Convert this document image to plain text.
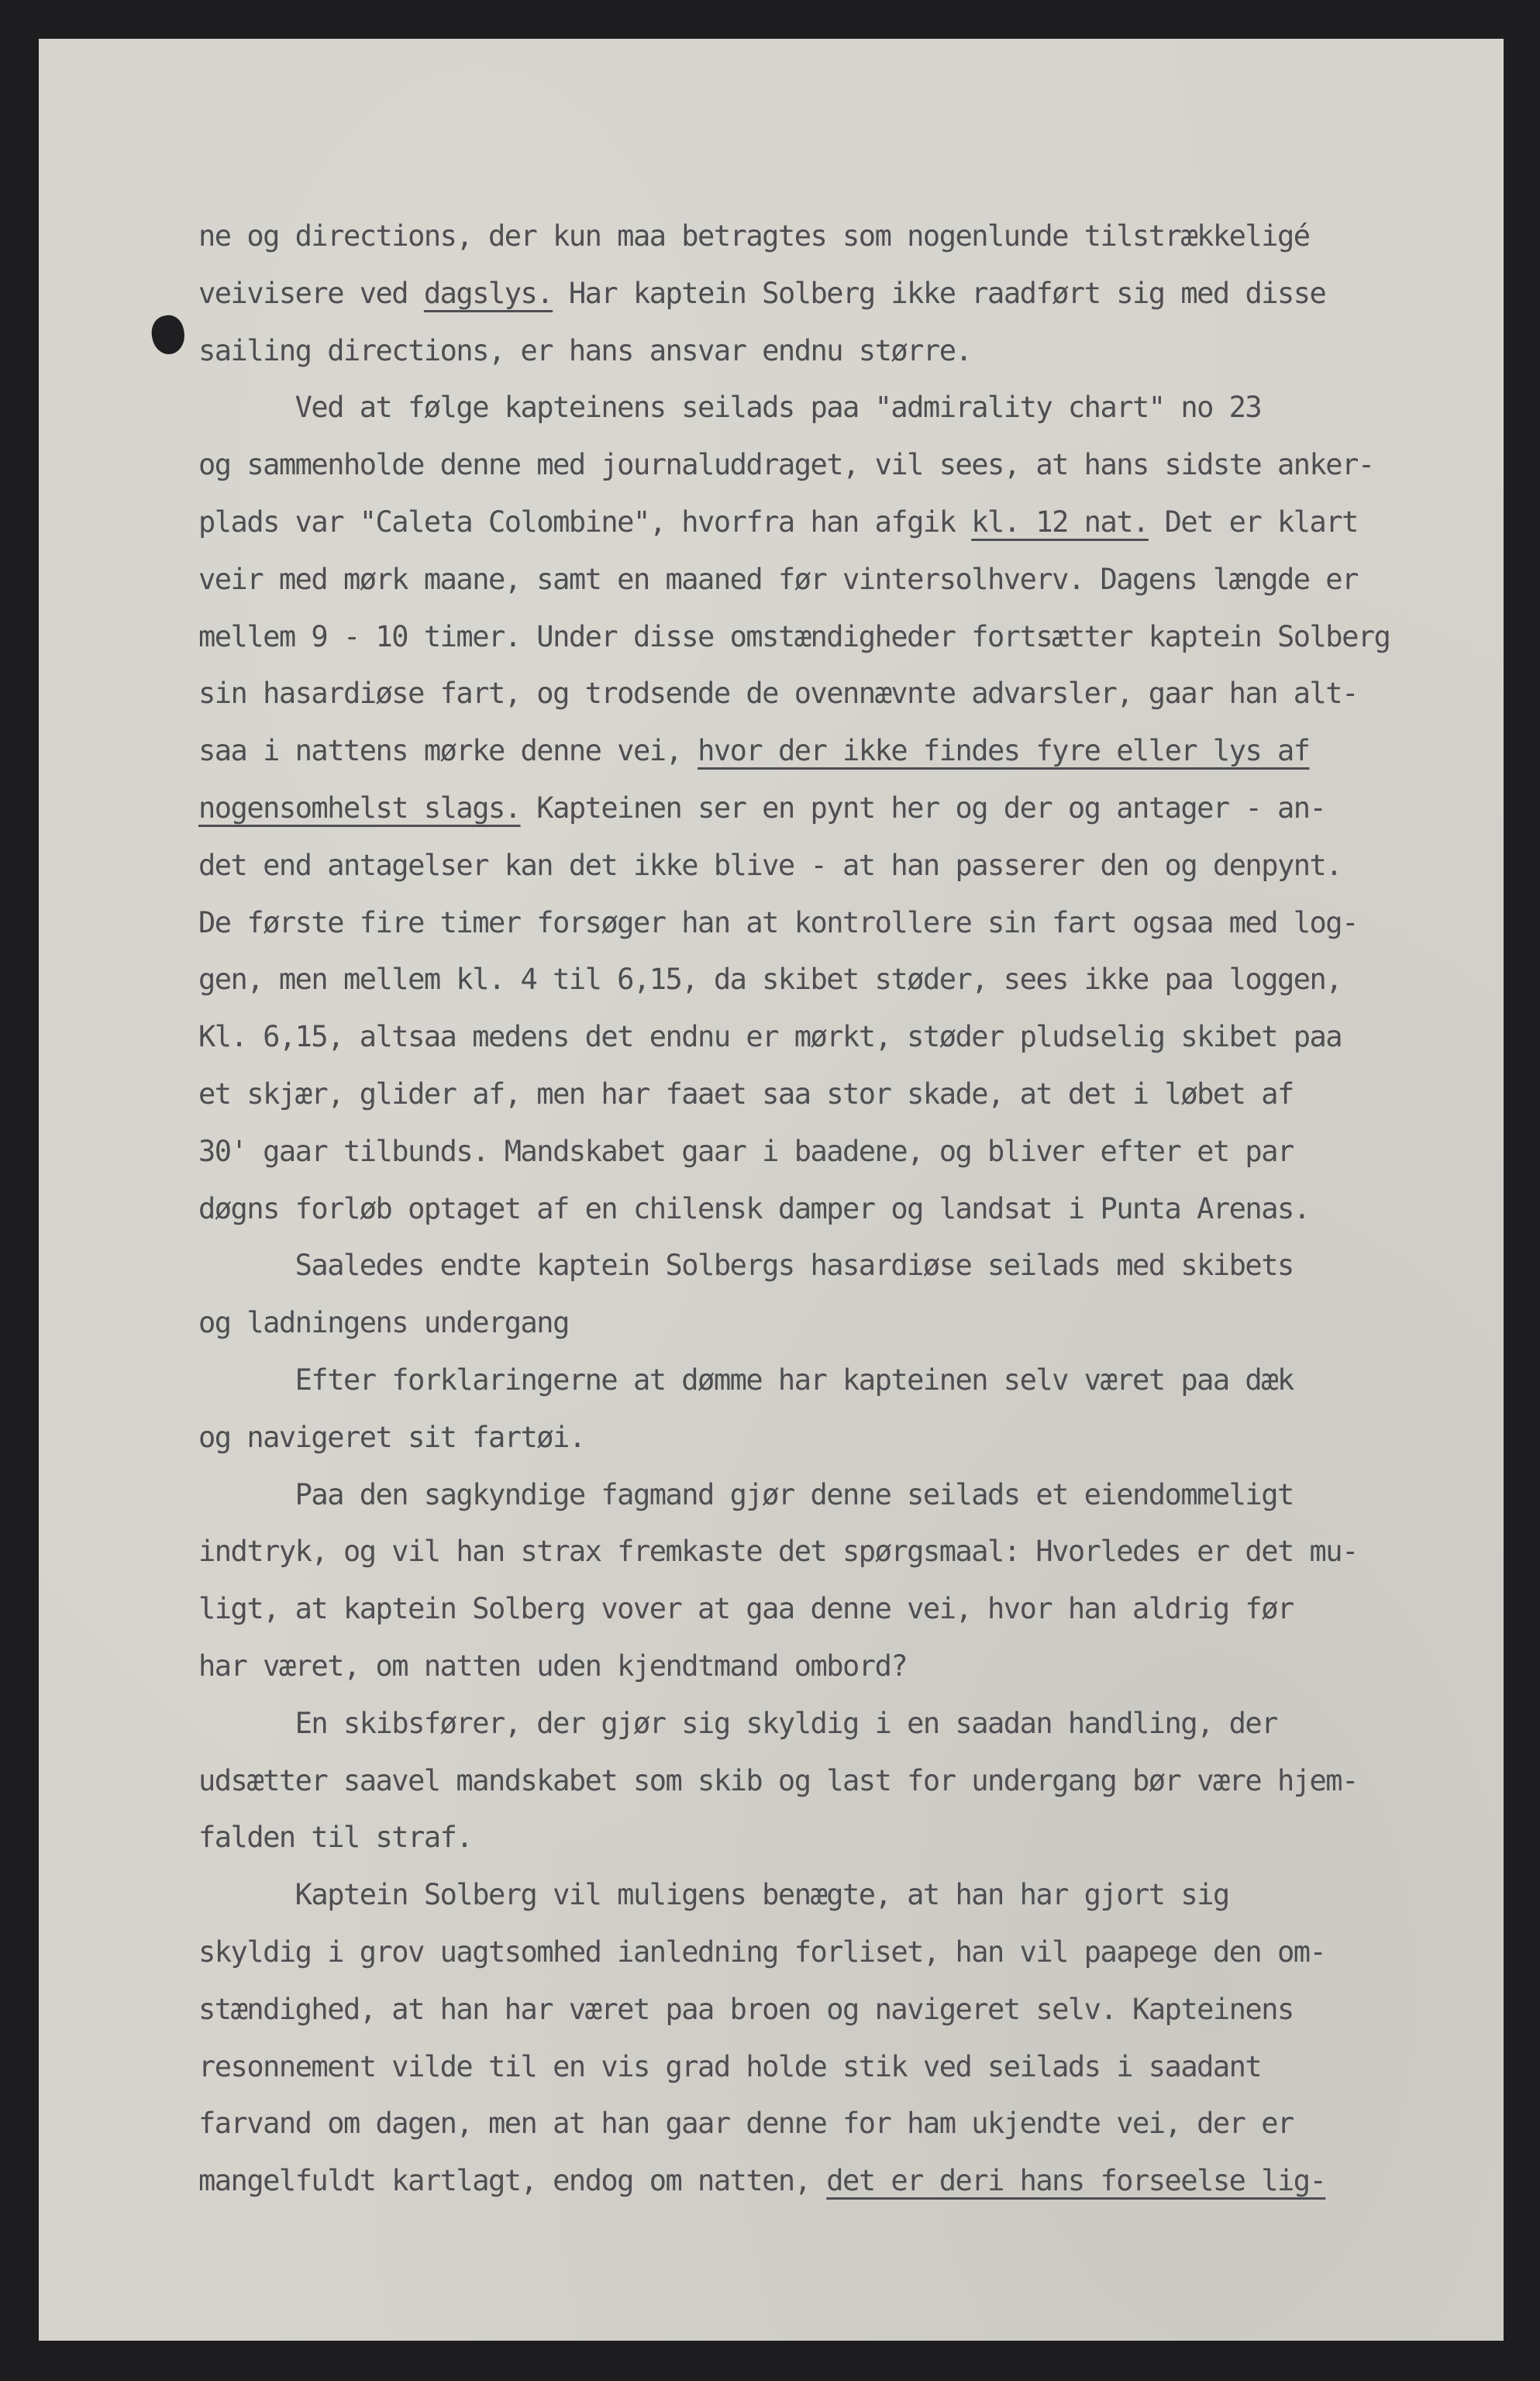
ne og directions, der kun maa betragtes som nogenlunde tilstrækkeligé
veivisere ved dagslys. Har kaptein Solberg ikke raadført sig med disse
sailing directions, er hans ansvar endnu større.
Ved at følge kapteinens seilads paa "admirality chart" no 23
og sammenholde denne med journaluddraget, vil sees, at hans sidste anker-
plads var "Caleta Colombine", hvorfra han afgik kl. 12 nat. Det er klart
veir med mørk maane, samt en maaned før vintersolhverv. Dagens længde er
mellem 9 - 10 timer. Under disse omstændigheder fortsætter kaptein Solberg
sin hasardiøse fart, og trodsende de ovennævnte advarsler, gaar han alt-
saa i nattens mørke denne vei, hvor der ikke findes fyre eller lys af
nogensomhelst slags. Kapteinen ser en pynt her og der og antager - an-
det end antagelser kan det ikke blive - at han passerer den og denpynt.
De første fire timer forsøger han at kontrollere sin fart ogsaa med log-
gen, men mellem kl. 4 til 6,15, da skibet støder, sees ikke paa loggen,
Kl. 6,15, altsaa medens det endnu er mørkt, støder pludselig skibet paa
et skjær, glider af, men har faaet saa stor skade, at det i løbet af
30' gaar tilbunds. Mandskabet gaar i baadene, og bliver efter et par
døgns forløb optaget af en chilensk damper og landsat i Punta Arenas.
Saaledes endte kaptein Solbergs hasardiøse seilads med skibets
og ladningens undergang
Efter forklaringerne at dømme har kapteinen selv været paa dæk
og navigeret sit fartøi.
Paa den sagkyndige fagmand gjør denne seilads et eiendommeligt
indtryk, og vil han strax fremkaste det spørgsmaal: Hvorledes er det mu-
ligt, at kaptein Solberg vover at gaa denne vei, hvor han aldrig før
har været, om natten uden kjendtmand ombord?
En skibsfører, der gjør sig skyldig i en saadan handling, der
udsætter saavel mandskabet som skib og last for undergang bør være hjem-
falden til straf.
Kaptein Solberg vil muligens benægte, at han har gjort sig
skyldig i grov uagtsomhed ianledning forliset, han vil paapege den om-
stændighed, at han har været paa broen og navigeret selv. Kapteinens
resonnement vilde til en vis grad holde stik ved seilads i saadant
farvand om dagen, men at han gaar denne for ham ukjendte vei, der er
mangelfuldt kartlagt, endog om natten, det er deri hans forseelse lig-
